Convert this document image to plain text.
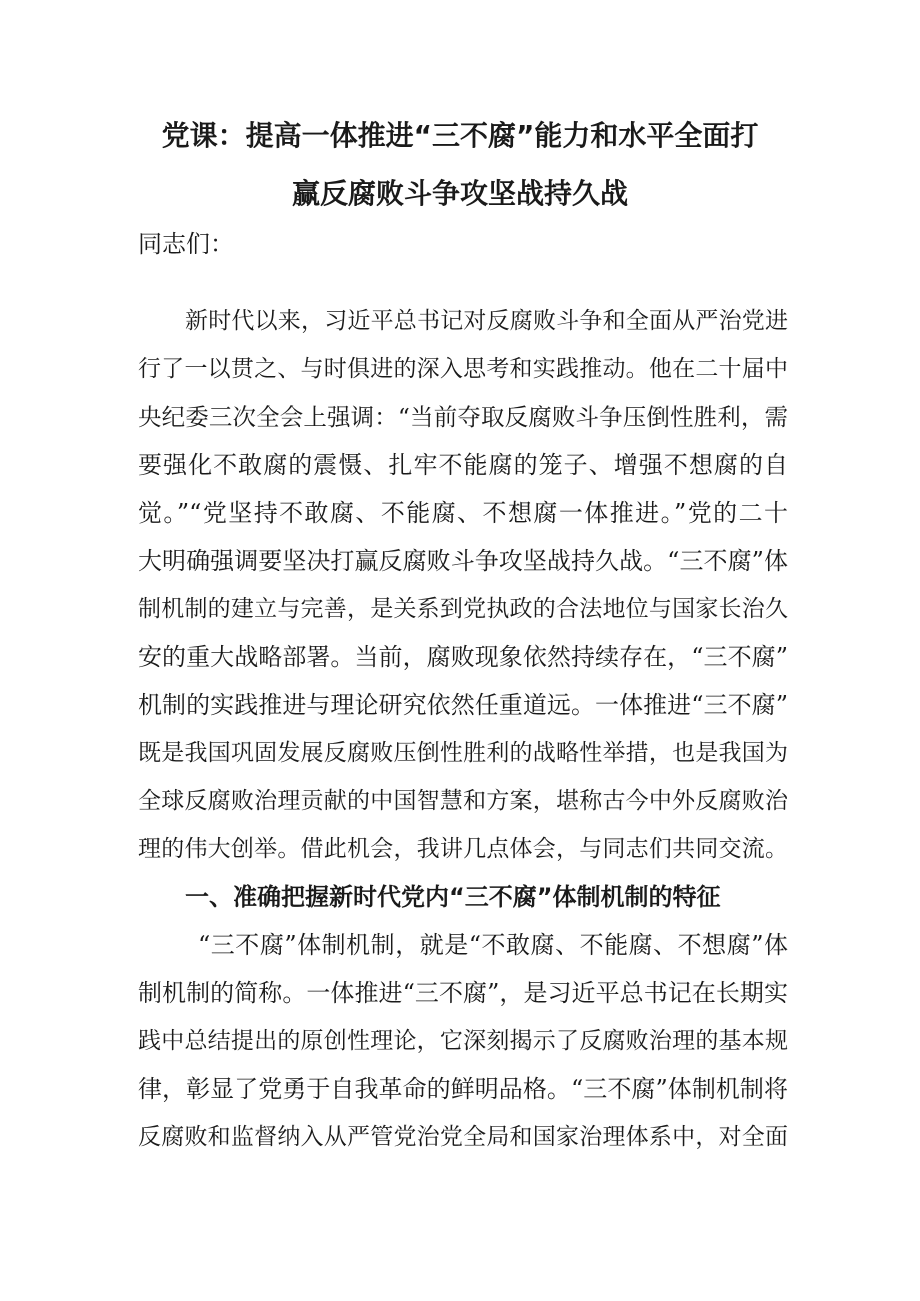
党课：提高一体推进“三不腐”能力和水平全面打
赢反腐败斗争攻坚战持久战
同志们：
新时代以来，习近平总书记对反腐败斗争和全面从严治党进
行了一以贯之、与时俱进的深入思考和实践推动。他在二十届中
央纪委三次全会上强调：“当前夺取反腐败斗争压倒性胜利，需
要强化不敢腐的震慑、扎牢不能腐的笼子、增强不想腐的自
觉。”“党坚持不敢腐、不能腐、不想腐一体推进。”党的二十
大明确强调要坚决打赢反腐败斗争攻坚战持久战。“三不腐”体
制机制的建立与完善，是关系到党执政的合法地位与国家长治久
安的重大战略部署。当前，腐败现象依然持续存在，“三不腐”
机制的实践推进与理论研究依然任重道远。一体推进“三不腐”
既是我国巩固发展反腐败压倒性胜利的战略性举措，也是我国为
全球反腐败治理贡献的中国智慧和方案，堪称古今中外反腐败治
理的伟大创举。借此机会，我讲几点体会，与同志们共同交流。
一、准确把握新时代党内“三不腐”体制机制的特征
“三不腐”体制机制，就是“不敢腐、不能腐、不想腐”体
制机制的简称。一体推进“三不腐”，是习近平总书记在长期实
践中总结提出的原创性理论，它深刻揭示了反腐败治理的基本规
律，彰显了党勇于自我革命的鲜明品格。“三不腐”体制机制将
反腐败和监督纳入从严管党治党全局和国家治理体系中，对全面
